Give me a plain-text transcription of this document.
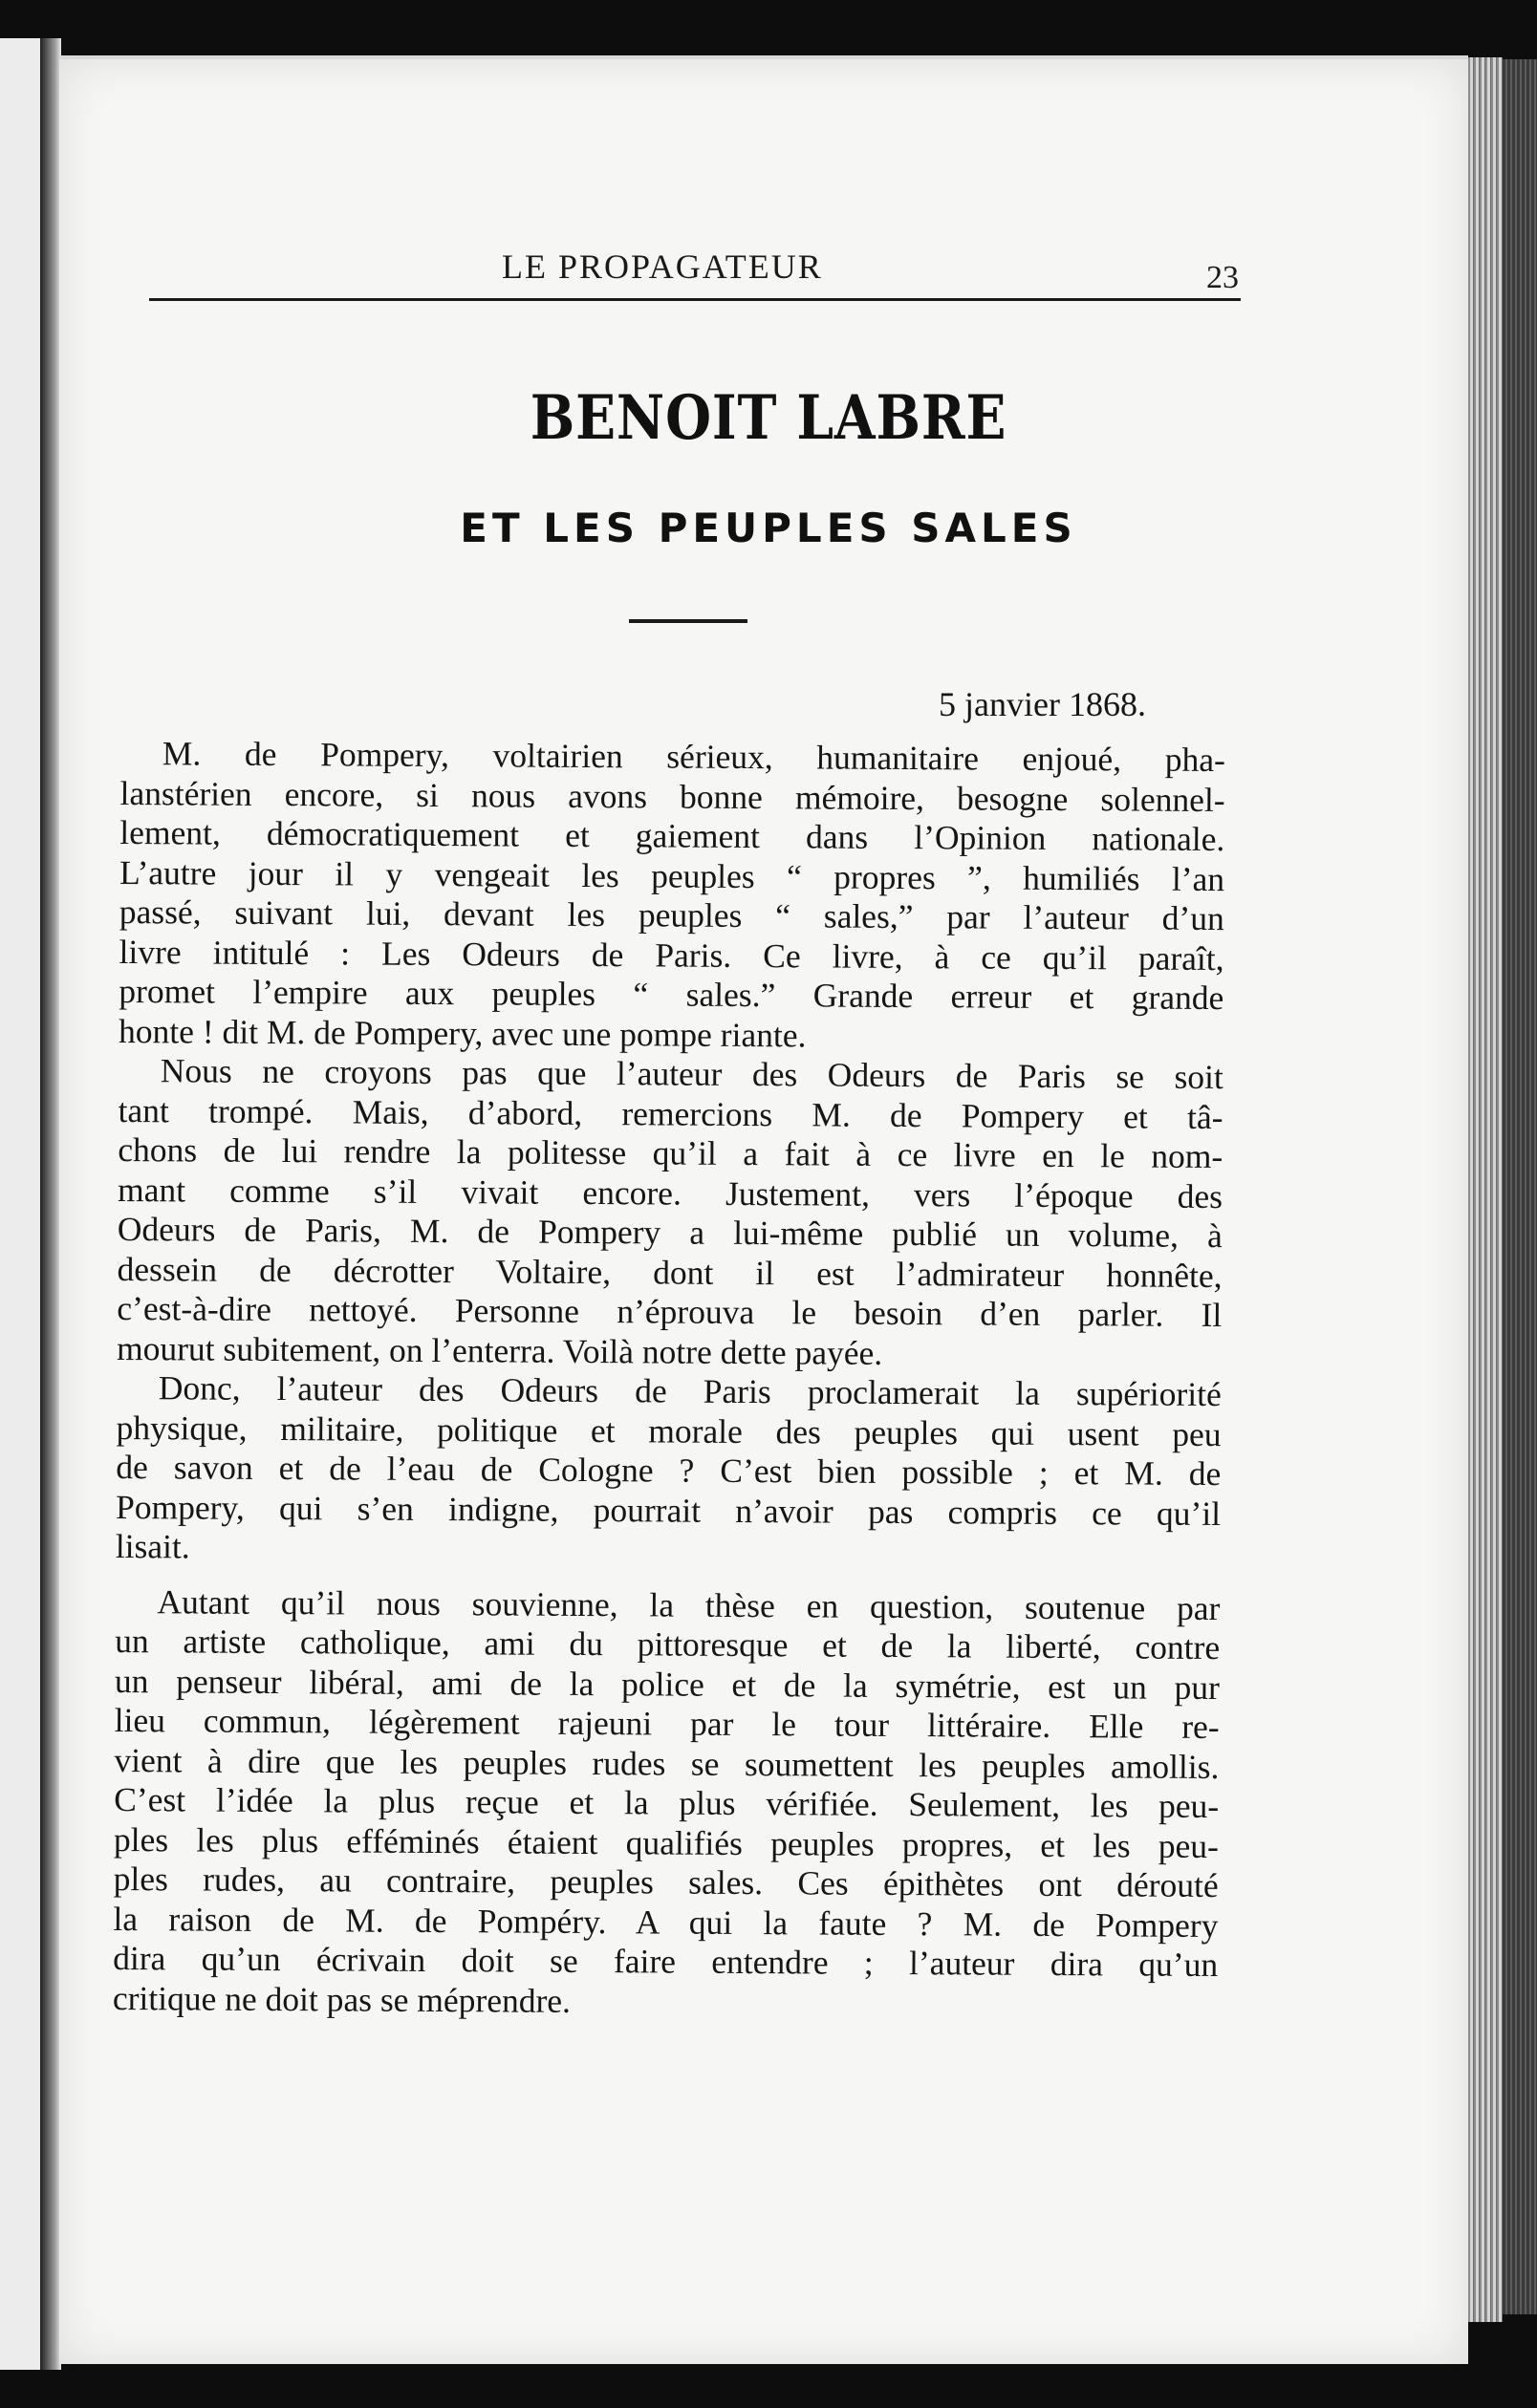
LE PROPAGATEUR	23
BENOIT LABRE
ET LES PEUPLES SALES
5 janvier 1868.

M. de Pompery, voltairien sérieux, humanitaire enjoué, pha-
lanstérien encore, si nous avons bonne mémoire, besogne solennel-
lement, démocratiquement et gaiement dans l’Opinion nationale.
L’autre jour il y vengeait les peuples “ propres ”, humiliés l’an
passé, suivant lui, devant les peuples “ sales,” par l’auteur d’un
livre intitulé : Les Odeurs de Paris. Ce livre, à ce qu’il paraît,
promet l’empire aux peuples “ sales.” Grande erreur et grande
honte ! dit M. de Pompery, avec une pompe riante.

Nous ne croyons pas que l’auteur des Odeurs de Paris se soit
tant trompé. Mais, d’abord, remercions M. de Pompery et tâ-
chons de lui rendre la politesse qu’il a fait à ce livre en le nom-
mant comme s’il vivait encore. Justement, vers l’époque des
Odeurs de Paris, M. de Pompery a lui-même publié un volume, à
dessein de décrotter Voltaire, dont il est l’admirateur honnête,
c’est-à-dire nettoyé. Personne n’éprouva le besoin d’en parler. Il
mourut subitement, on l’enterra. Voilà notre dette payée.

Donc, l’auteur des Odeurs de Paris proclamerait la supériorité
physique, militaire, politique et morale des peuples qui usent peu
de savon et de l’eau de Cologne ? C’est bien possible ; et M. de
Pompery, qui s’en indigne, pourrait n’avoir pas compris ce qu’il
lisait.

Autant qu’il nous souvienne, la thèse en question, soutenue par
un artiste catholique, ami du pittoresque et de la liberté, contre
un penseur libéral, ami de la police et de la symétrie, est un pur
lieu commun, légèrement rajeuni par le tour littéraire. Elle re-
vient à dire que les peuples rudes se soumettent les peuples amollis.
C’est l’idée la plus reçue et la plus vérifiée. Seulement, les peu-
ples les plus efféminés étaient qualifiés peuples propres, et les peu-
ples rudes, au contraire, peuples sales. Ces épithètes ont dérouté
la raison de M. de Pompéry. A qui la faute ? M. de Pompery
dira qu’un écrivain doit se faire entendre ; l’auteur dira qu’un
critique ne doit pas se méprendre.
